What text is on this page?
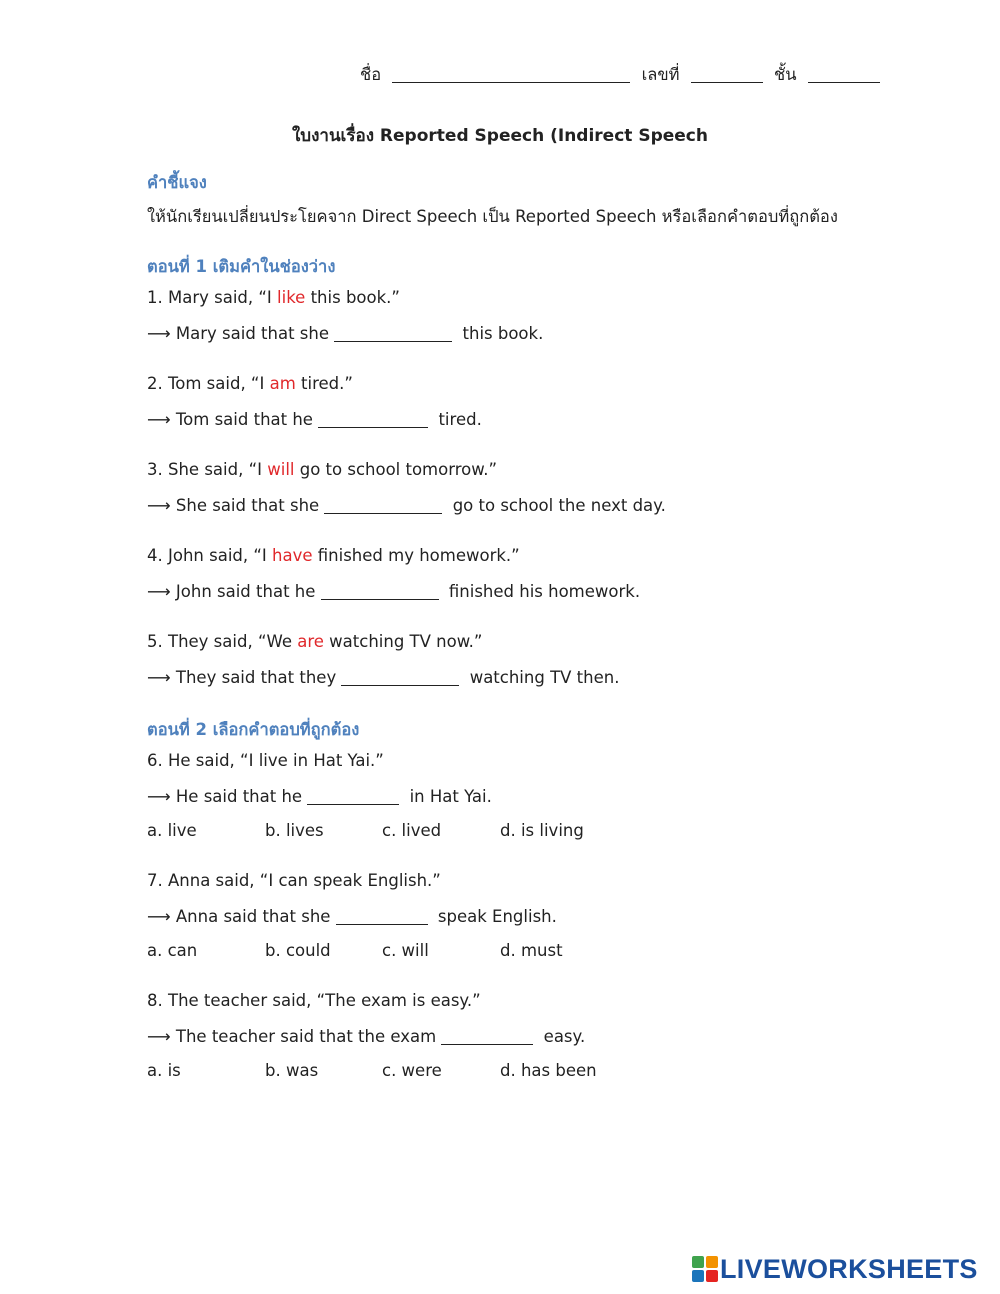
ชื่อ	เลขที่	ชั้น
ใบงานเรื่อง Reported Speech (Indirect Speech
คำชี้แจง
ให้นักเรียนเปลี่ยนประโยคจาก Direct Speech เป็น Reported Speech หรือเลือกคำตอบที่ถูกต้อง
ตอนที่ 1 เติมคำในช่องว่าง
1. Mary said, “I like this book.”
⟶ Mary said that she	this book.
2. Tom said, “I am tired.”
⟶ Tom said that he	tired.
3. She said, “I will go to school tomorrow.”
⟶ She said that she	go to school the next day.
4. John said, “I have finished my homework.”
⟶ John said that he	finished his homework.
5. They said, “We are watching TV now.”
⟶ They said that they	watching TV then.
ตอนที่ 2 เลือกคำตอบที่ถูกต้อง
6. He said, “I live in Hat Yai.”
⟶ He said that he	in Hat Yai.
a. live	b. lives	c. lived	d. is living
7. Anna said, “I can speak English.”
⟶ Anna said that she	speak English.
a. can	b. could	c. will	d. must
8. The teacher said, “The exam is easy.”
⟶ The teacher said that the exam	easy.
a. is	b. was	c. were	d. has been
LIVEWORKSHEETS
